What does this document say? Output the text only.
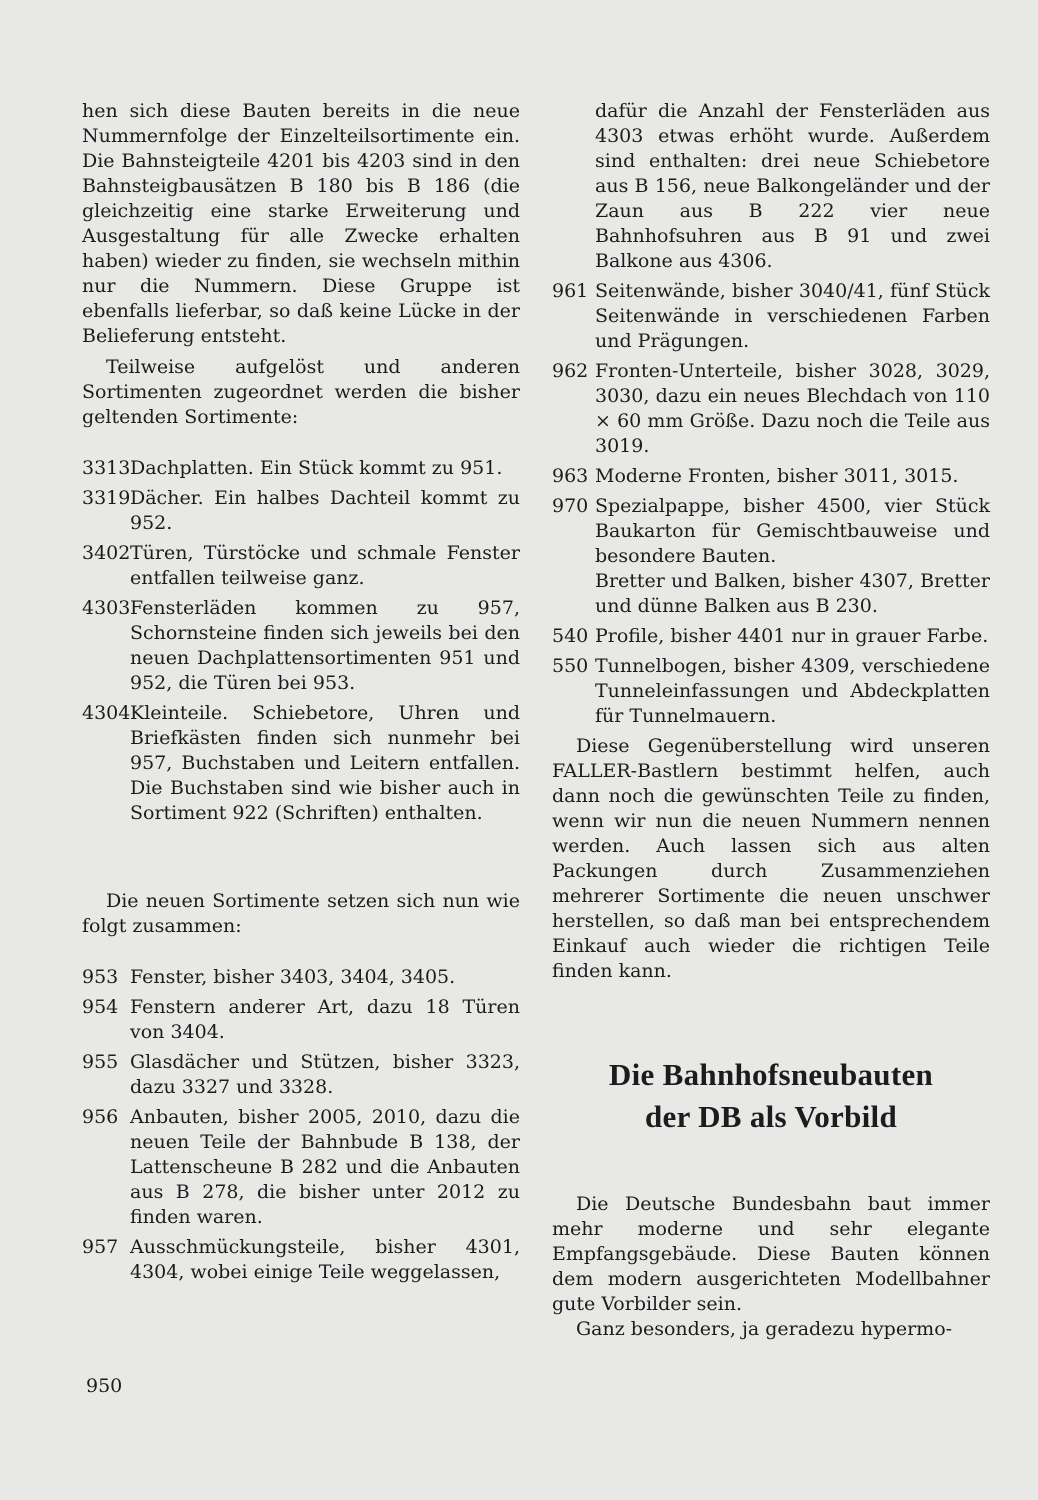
hen sich diese Bauten bereits in die neue Nummernfolge der Einzelteilsortimente ein. Die Bahnsteigteile 4201 bis 4203 sind in den Bahnsteigbausätzen B 180 bis B 186 (die gleichzeitig eine starke Erweiterung und Ausgestaltung für alle Zwecke erhalten haben) wieder zu finden, sie wechseln mithin nur die Nummern. Diese Gruppe ist ebenfalls lieferbar, so daß keine Lücke in der Belieferung entsteht.

Teilweise aufgelöst und anderen Sortimenten zugeordnet werden die bisher geltenden Sortimente:

3313 Dachplatten. Ein Stück kommt zu 951.
3319 Dächer. Ein halbes Dachteil kommt zu 952.
3402 Türen, Türstöcke und schmale Fenster entfallen teilweise ganz.
4303 Fensterläden kommen zu 957, Schornsteine finden sich jeweils bei den neuen Dachplattensortimenten 951 und 952, die Türen bei 953.
4304 Kleinteile. Schiebetore, Uhren und Briefkästen finden sich nunmehr bei 957, Buchstaben und Leitern entfallen. Die Buchstaben sind wie bisher auch in Sortiment 922 (Schriften) enthalten.

Die neuen Sortimente setzen sich nun wie folgt zusammen:

953 Fenster, bisher 3403, 3404, 3405.
954 Fenstern anderer Art, dazu 18 Türen von 3404.
955 Glasdächer und Stützen, bisher 3323, dazu 3327 und 3328.
956 Anbauten, bisher 2005, 2010, dazu die neuen Teile der Bahnbude B 138, der Lattenscheune B 282 und die Anbauten aus B 278, die bisher unter 2012 zu finden waren.
957 Ausschmückungsteile, bisher 4301, 4304, wobei einige Teile weggelassen,

dafür die Anzahl der Fensterläden aus 4303 etwas erhöht wurde. Außerdem sind enthalten: drei neue Schiebetore aus B 156, neue Balkongeländer und der Zaun aus B 222 vier neue Bahnhofsuhren aus B 91 und zwei Balkone aus 4306.

961 Seitenwände, bisher 3040/41, fünf Stück Seitenwände in verschiedenen Farben und Prägungen.
962 Fronten-Unterteile, bisher 3028, 3029, 3030, dazu ein neues Blechdach von 110 × 60 mm Größe. Dazu noch die Teile aus 3019.
963 Moderne Fronten, bisher 3011, 3015.
970 Spezialpappe, bisher 4500, vier Stück Baukarton für Gemischtbauweise und besondere Bauten.

Bretter und Balken, bisher 4307, Bretter und dünne Balken aus B 230.

540 Profile, bisher 4401 nur in grauer Farbe.
550 Tunnelbogen, bisher 4309, verschiedene Tunneleinfassungen und Abdeckplatten für Tunnelmauern.

Diese Gegenüberstellung wird unseren FALLER-Bastlern bestimmt helfen, auch dann noch die gewünschten Teile zu finden, wenn wir nun die neuen Nummern nennen werden. Auch lassen sich aus alten Packungen durch Zusammenziehen mehrerer Sortimente die neuen unschwer herstellen, so daß man bei entsprechendem Einkauf auch wieder die richtigen Teile finden kann.

Die Bahnhofsneubauten
der DB als Vorbild

Die Deutsche Bundesbahn baut immer mehr moderne und sehr elegante Empfangsgebäude. Diese Bauten können dem modern ausgerichteten Modellbahner gute Vorbilder sein.

Ganz besonders, ja geradezu hypermo-

950
